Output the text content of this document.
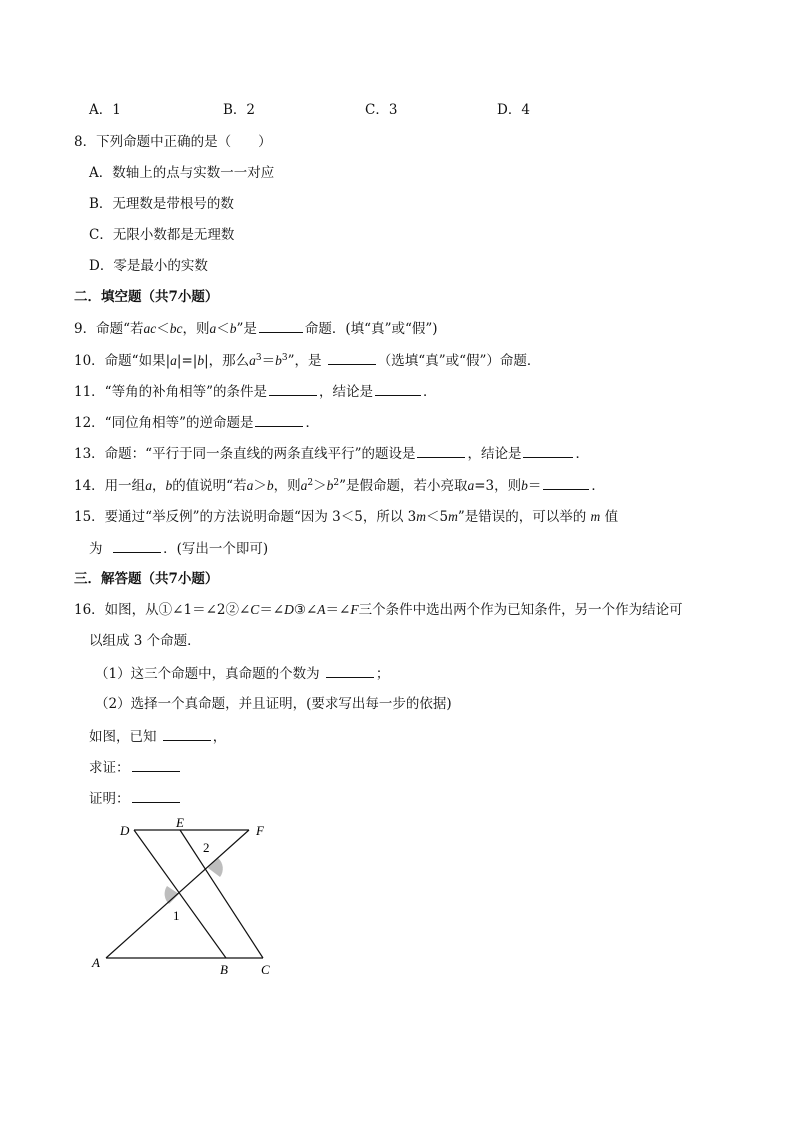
A．1	B．2	C．3	D．4
8．下列命题中正确的是（　　）
A．数轴上的点与实数一一对应
B．无理数是带根号的数
C．无限小数都是无理数
D．零是最小的实数
二．填空题（共7小题）
9．命题“若ac＜bc，则a＜b”是	命题．(填“真”或“假”)
10．命题“如果|a|=|b|，那么$a^3=b^3$”，是	（选填“真”或“假”）命题．
11．“等角的补角相等”的条件是	，结论是	．
12．“同位角相等”的逆命题是	．
13．命题：“平行于同一条直线的两条直线平行”的题设是	，结论是	．
14．用一组a，b的值说明“若a＞b，则$a^2>b^2$”是假命题，若小亮取a=3，则b＝	．
15．要通过“举反例”的方法说明命题“因为 3＜5，所以 3m＜5m”是错误的，可以举的 m 值
为	．(写出一个即可)
三．解答题（共7小题）
16．如图，从①∠1＝∠2②∠C＝∠D③∠A＝∠F三个条件中选出两个作为已知条件，另一个作为结论可
以组成 3 个命题．
（1）这三个命题中，真命题的个数为	；
（2）选择一个真命题，并且证明，(要求写出每一步的依据)
如图，已知	，
求证：
证明：
D
E
F
A	B	C
1
2
